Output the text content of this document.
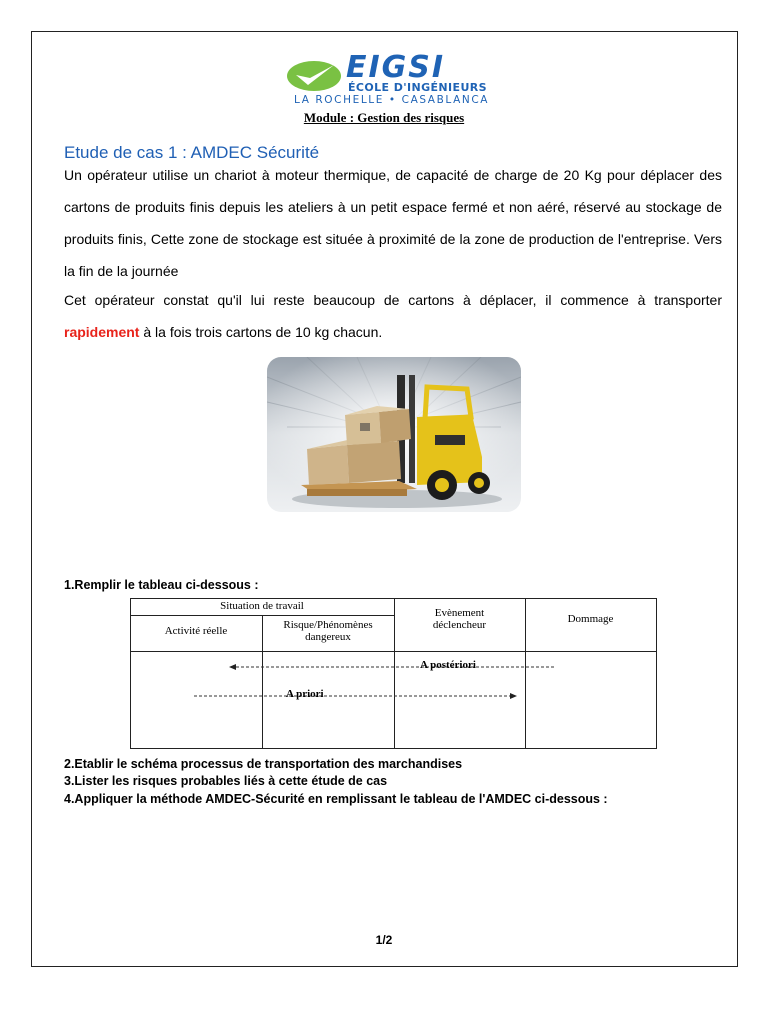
EIGSI
ÉCOLE D'INGÉNIEURS
LA ROCHELLE • CASABLANCA
Module : Gestion des risques
Etude de cas 1 : AMDEC Sécurité

Un opérateur utilise un chariot à moteur thermique, de capacité de charge de 20 Kg pour déplacer des cartons de produits finis depuis les ateliers à un petit espace fermé et non aéré, réservé au stockage de produits finis, Cette zone de stockage est située à proximité de la zone de production de l'entreprise. Vers la fin de la journée

Cet opérateur constat qu'il lui reste beaucoup de cartons à déplacer, il commence à transporter rapidement à la fois trois cartons de 10 kg chacun.

1.Remplir le tableau ci-dessous :
Situation de travail
Activité réelle	Risque/Phénomènes
dangereux
Evènement
déclencheur	Dommage
A postériori
A priori
2.Etablir le schéma processus de transportation des marchandises
3.Lister les risques probables liés à cette étude de cas
4.Appliquer la méthode AMDEC-Sécurité en remplissant le tableau de l'AMDEC ci-dessous :
1/2
